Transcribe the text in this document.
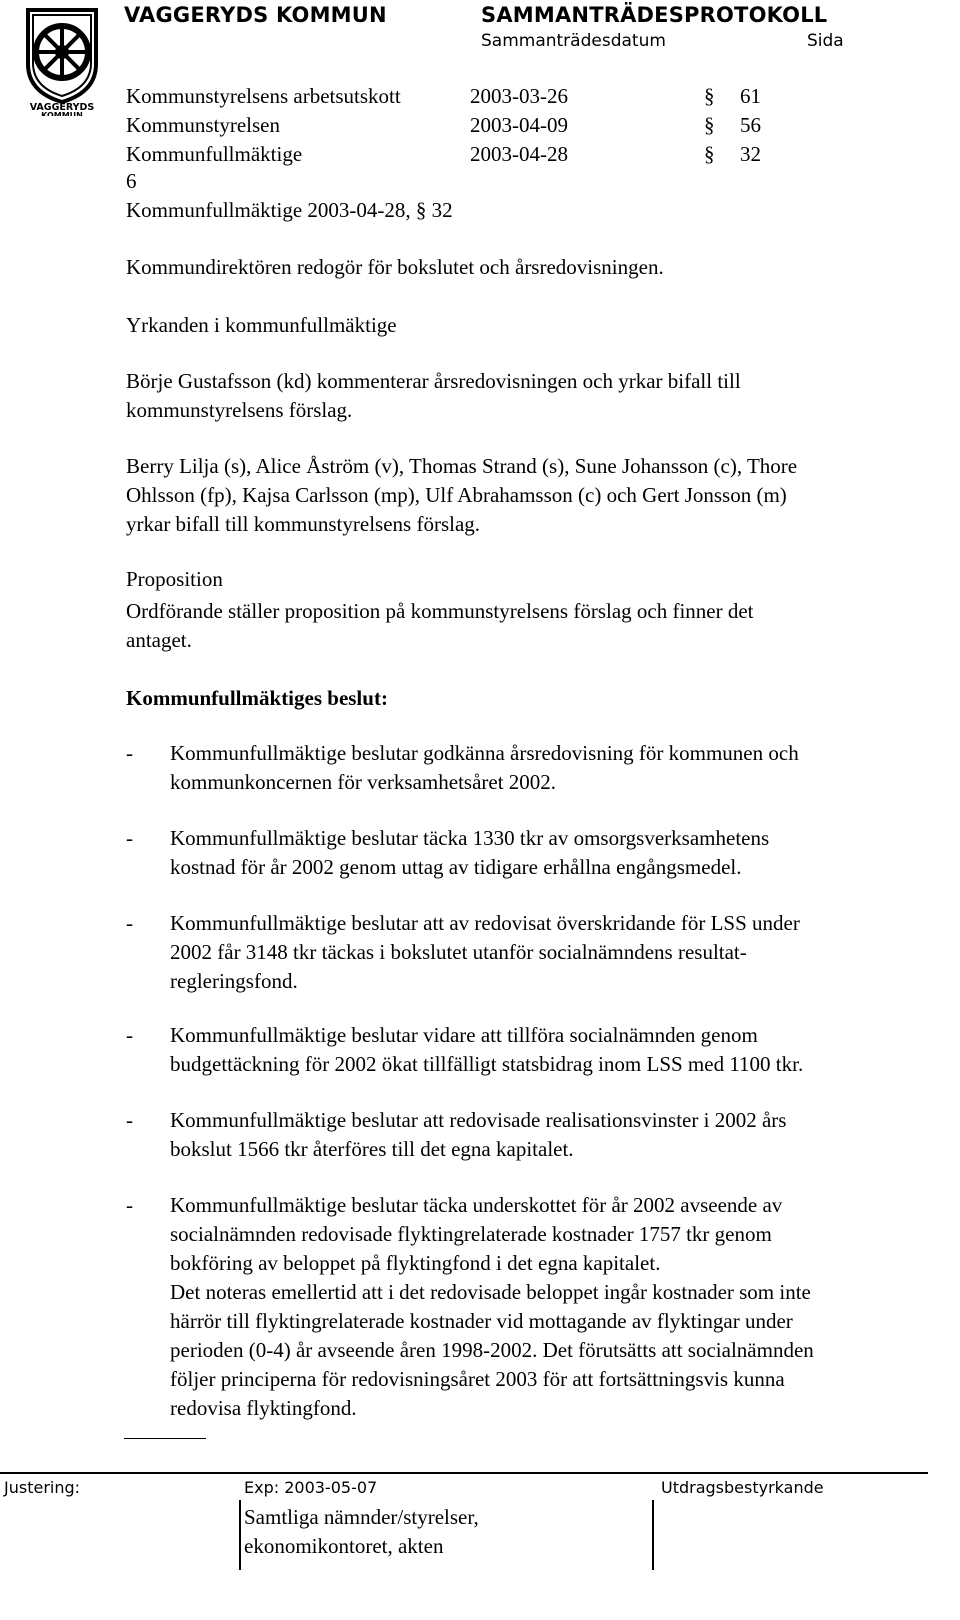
VAGGERYDS
KOMMUN
VAGGERYDS KOMMUN	SAMMANTRÄDESPROTOKOLL
Sammanträdesdatum	Sida
Kommunstyrelsens arbetsutskott	2003-03-26	§ 61
Kommunstyrelsen	2003-04-09	§ 56
Kommunfullmäktige	2003-04-28	§ 32
6
Kommunfullmäktige 2003-04-28, § 32
Kommundirektören redogör för bokslutet och årsredovisningen.
Yrkanden i kommunfullmäktige
Börje Gustafsson (kd) kommenterar årsredovisningen och yrkar bifall till
kommunstyrelsens förslag.
Berry Lilja (s), Alice Åström (v), Thomas Strand (s), Sune Johansson (c), Thore
Ohlsson (fp), Kajsa Carlsson (mp), Ulf Abrahamsson (c) och Gert Jonsson (m)
yrkar bifall till kommunstyrelsens förslag.
Proposition
Ordförande ställer proposition på kommunstyrelsens förslag och finner det
antaget.
Kommunfullmäktiges beslut:
- Kommunfullmäktige beslutar godkänna årsredovisning för kommunen och
kommunkoncernen för verksamhetsåret 2002.
- Kommunfullmäktige beslutar täcka 1330 tkr av omsorgsverksamhetens
kostnad för år 2002 genom uttag av tidigare erhållna engångsmedel.
- Kommunfullmäktige beslutar att av redovisat överskridande för LSS under
2002 får 3148 tkr täckas i bokslutet utanför socialnämndens resultat-
regleringsfond.
- Kommunfullmäktige beslutar vidare att tillföra socialnämnden genom
budgettäckning för 2002 ökat tillfälligt statsbidrag inom LSS med 1100 tkr.
- Kommunfullmäktige beslutar att redovisade realisationsvinster i 2002 års
bokslut 1566 tkr återföres till det egna kapitalet.
- Kommunfullmäktige beslutar täcka underskottet för år 2002 avseende av
socialnämnden redovisade flyktingrelaterade kostnader 1757 tkr genom
bokföring av beloppet på flyktingfond i det egna kapitalet.
Det noteras emellertid att i det redovisade beloppet ingår kostnader som inte
härrör till flyktingrelaterade kostnader vid mottagande av flyktingar under
perioden (0-4) år avseende åren 1998-2002. Det förutsätts att socialnämnden
följer principerna för redovisningsåret 2003 för att fortsättningsvis kunna
redovisa flyktingfond.
Justering:	Exp: 2003-05-07	Utdragsbestyrkande
Samtliga nämnder/styrelser,
ekonomikontoret, akten
